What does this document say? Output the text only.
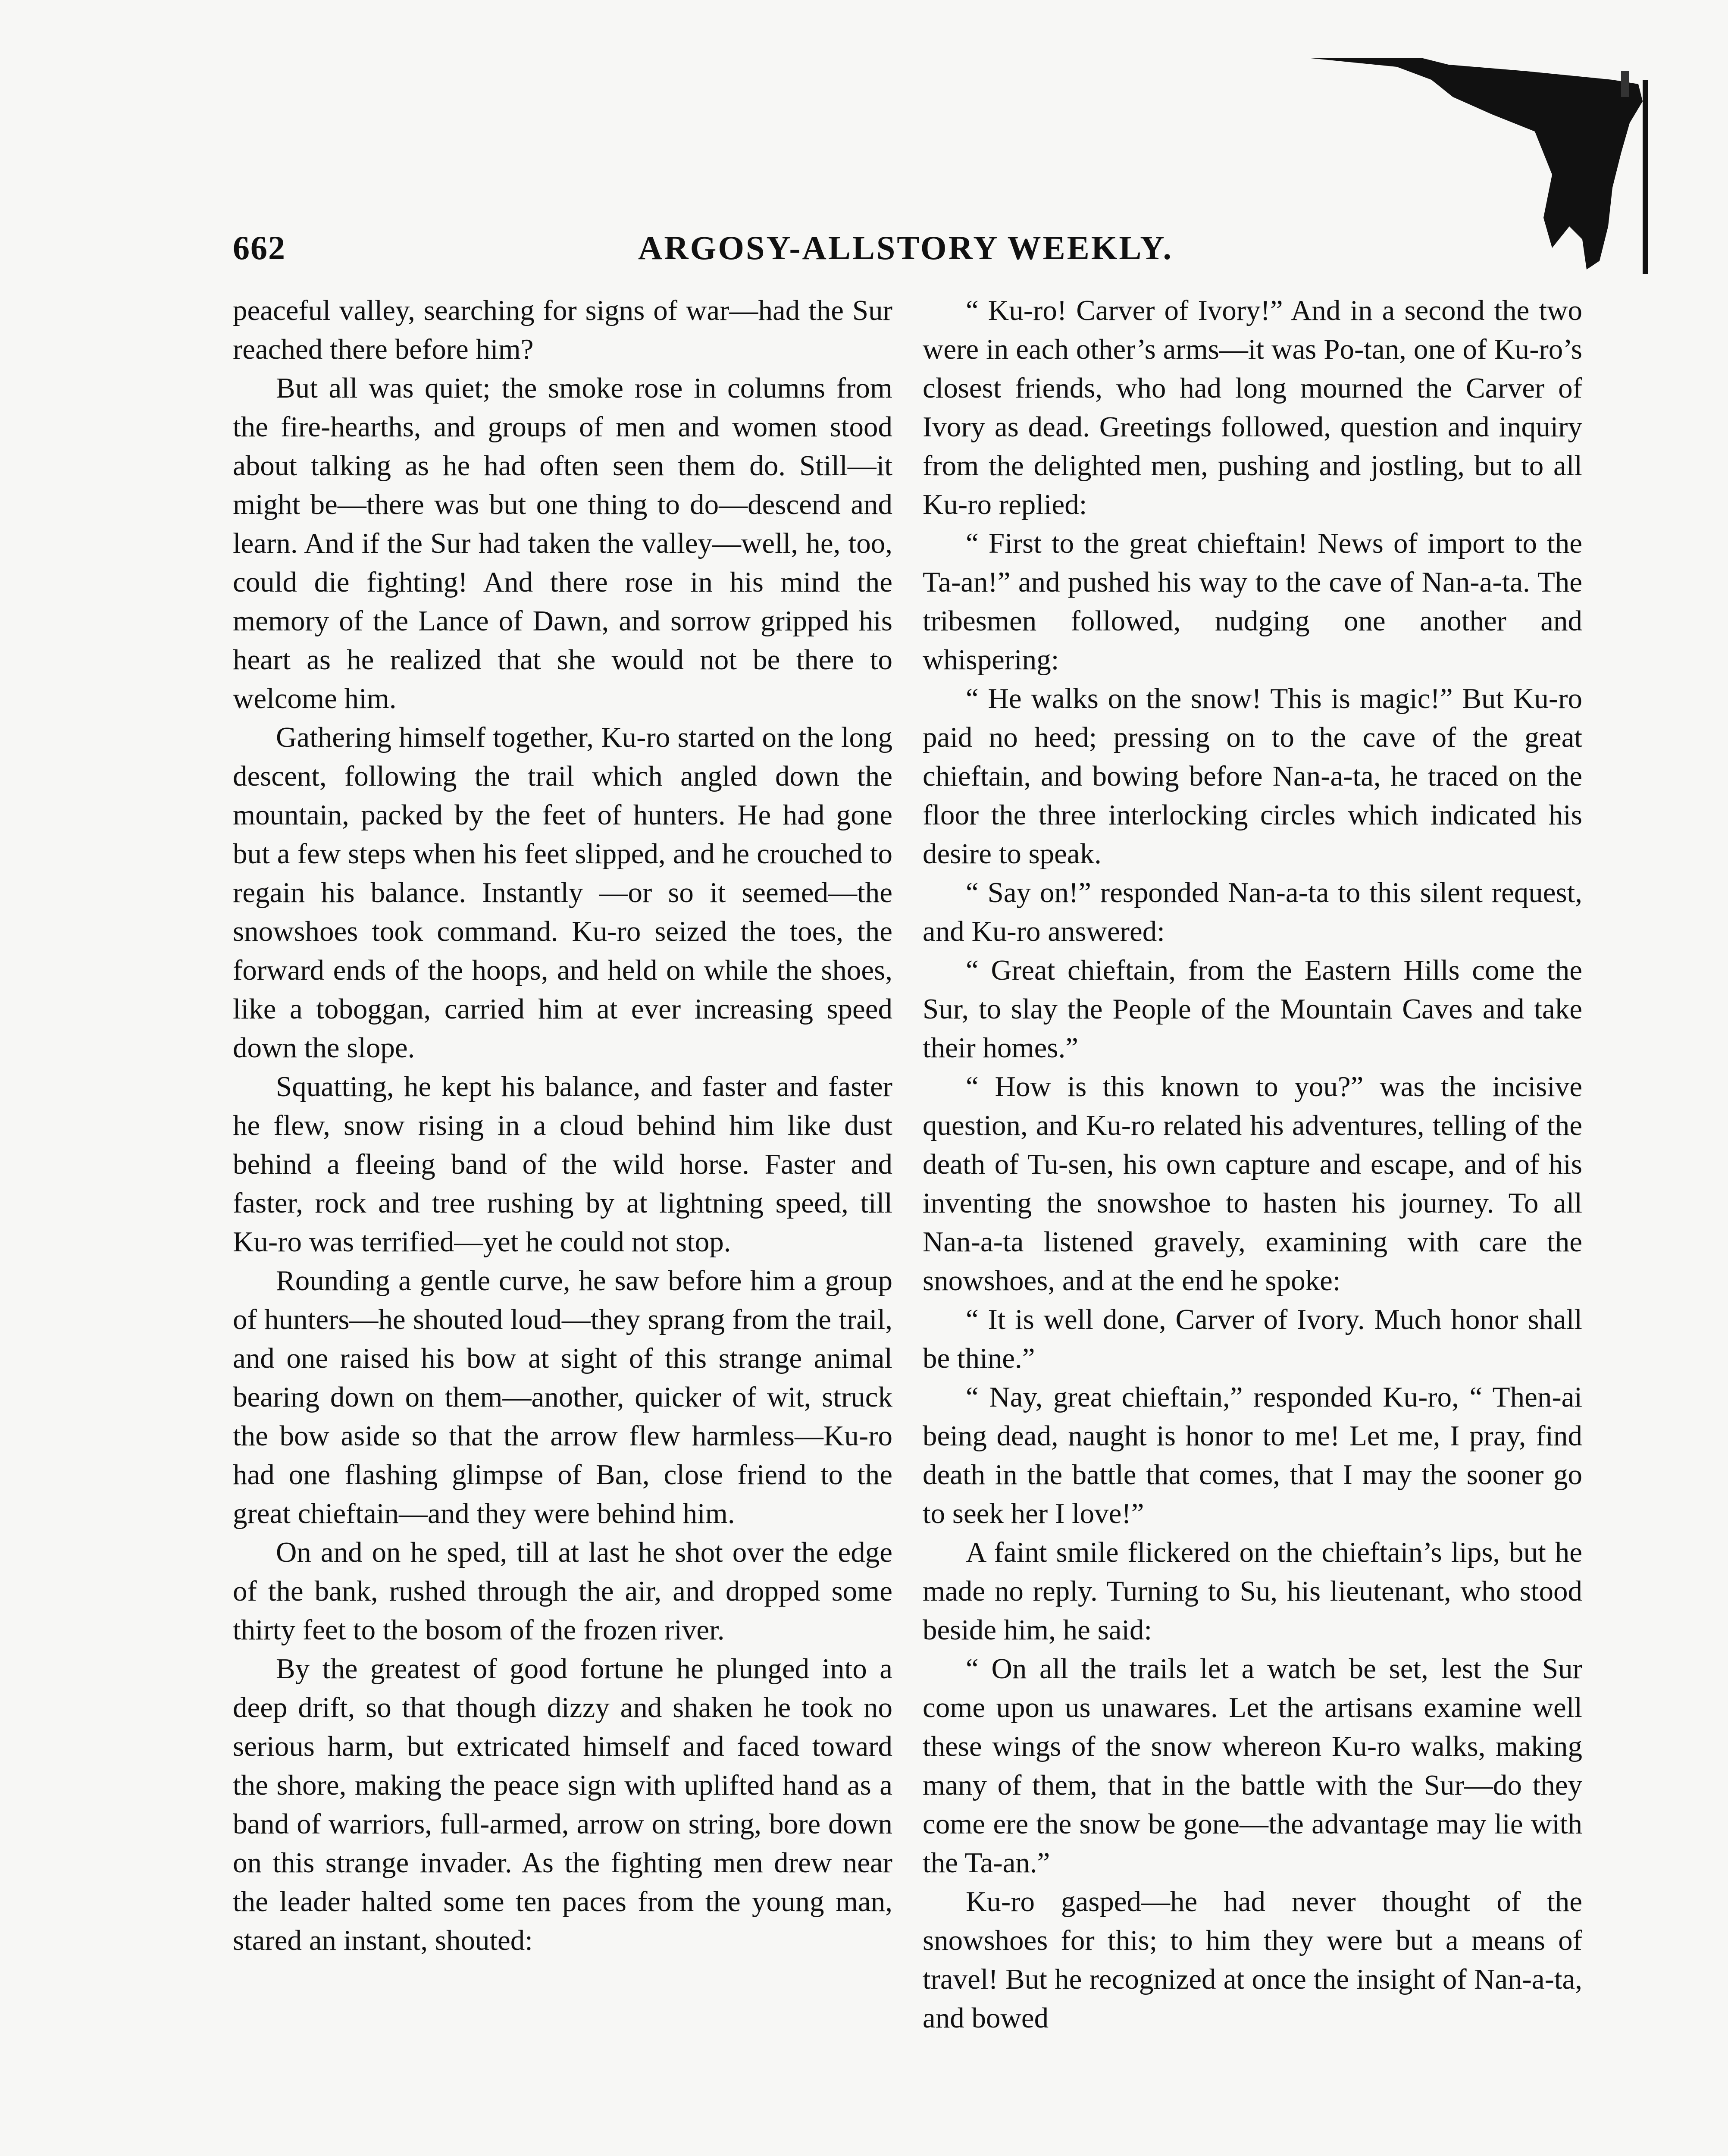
662	ARGOSY-ALLSTORY WEEKLY.

peaceful valley, searching for signs of war—had the Sur reached there before him?

But all was quiet; the smoke rose in columns from the fire-hearths, and groups of men and women stood about talking as he had often seen them do. Still—it might be—there was but one thing to do—descend and learn. And if the Sur had taken the valley—well, he, too, could die fighting! And there rose in his mind the memory of the Lance of Dawn, and sorrow gripped his heart as he realized that she would not be there to welcome him.

Gathering himself together, Ku-ro started on the long descent, following the trail which angled down the mountain, packed by the feet of hunters. He had gone but a few steps when his feet slipped, and he crouched to regain his balance. Instantly —or so it seemed—the snowshoes took command. Ku-ro seized the toes, the forward ends of the hoops, and held on while the shoes, like a toboggan, carried him at ever increasing speed down the slope.

Squatting, he kept his balance, and faster and faster he flew, snow rising in a cloud behind him like dust behind a fleeing band of the wild horse. Faster and faster, rock and tree rushing by at lightning speed, till Ku-ro was terrified—yet he could not stop.

Rounding a gentle curve, he saw before him a group of hunters—he shouted loud—they sprang from the trail, and one raised his bow at sight of this strange animal bearing down on them—another, quicker of wit, struck the bow aside so that the arrow flew harmless—Ku-ro had one flashing glimpse of Ban, close friend to the great chieftain—and they were behind him.

On and on he sped, till at last he shot over the edge of the bank, rushed through the air, and dropped some thirty feet to the bosom of the frozen river.

By the greatest of good fortune he plunged into a deep drift, so that though dizzy and shaken he took no serious harm, but extricated himself and faced toward the shore, making the peace sign with uplifted hand as a band of warriors, full-armed, arrow on string, bore down on this strange invader. As the fighting men drew near the leader halted some ten paces from the young man, stared an instant, shouted:

“ Ku-ro! Carver of Ivory!” And in a second the two were in each other’s arms—it was Po-tan, one of Ku-ro’s closest friends, who had long mourned the Carver of Ivory as dead. Greetings followed, question and inquiry from the delighted men, pushing and jostling, but to all Ku-ro replied:

“ First to the great chieftain! News of import to the Ta-an!” and pushed his way to the cave of Nan-a-ta. The tribesmen followed, nudging one another and whispering:

“ He walks on the snow! This is magic!” But Ku-ro paid no heed; pressing on to the cave of the great chieftain, and bowing before Nan-a-ta, he traced on the floor the three interlocking circles which indicated his desire to speak.

“ Say on!” responded Nan-a-ta to this silent request, and Ku-ro answered:

“ Great chieftain, from the Eastern Hills come the Sur, to slay the People of the Mountain Caves and take their homes.”

“ How is this known to you?” was the incisive question, and Ku-ro related his adventures, telling of the death of Tu-sen, his own capture and escape, and of his inventing the snowshoe to hasten his journey. To all Nan-a-ta listened gravely, examining with care the snowshoes, and at the end he spoke:

“ It is well done, Carver of Ivory. Much honor shall be thine.”

“ Nay, great chieftain,” responded Ku-ro, “ Then-ai being dead, naught is honor to me! Let me, I pray, find death in the battle that comes, that I may the sooner go to seek her I love!”

A faint smile flickered on the chieftain’s lips, but he made no reply. Turning to Su, his lieutenant, who stood beside him, he said:

“ On all the trails let a watch be set, lest the Sur come upon us unawares. Let the artisans examine well these wings of the snow whereon Ku-ro walks, making many of them, that in the battle with the Sur—do they come ere the snow be gone—the advantage may lie with the Ta-an.”

Ku-ro gasped—he had never thought of the snowshoes for this; to him they were but a means of travel! But he recognized at once the insight of Nan-a-ta, and bowed
